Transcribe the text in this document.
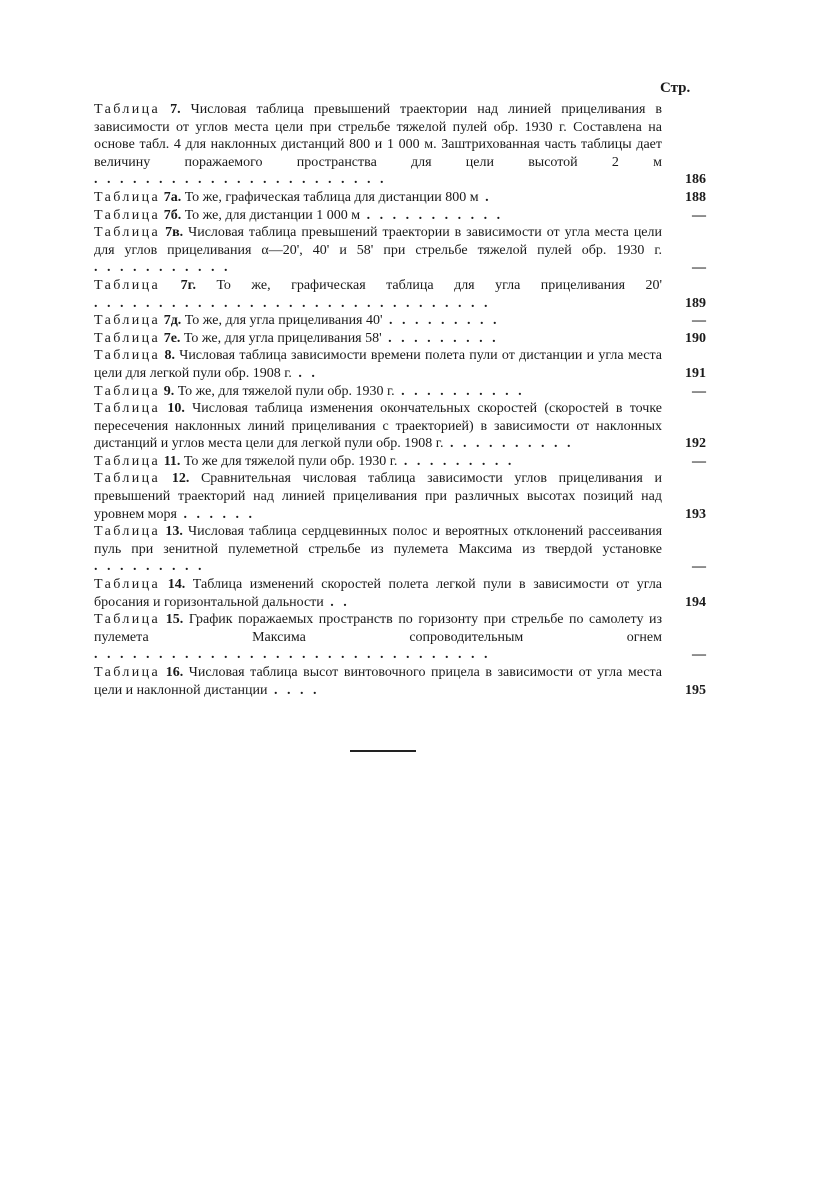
Стр.

Таблица 7. Числовая таблица превышений траектории над линией прицеливания в зависимости от углов места цели при стрельбе тяжелой пулей обр. 1930 г. Составлена на основе табл. 4 для наклонных дистанций 800 и 1 000 м. Заштрихованная часть таблицы дает величину поражаемого пространства для цели высотой 2 м . . . . . . . . . . . . . . . . . . . . . . .	186

Таблица 7а. То же, графическая таблица для дистанции 800 м .	188

Таблица 7б. То же, для дистанции 1 000 м . . . . . . . . . . .	—

Таблица 7в. Числовая таблица превышений траектории в зависимости от угла места цели для углов прицеливания α—20', 40' и 58' при стрельбе тяжелой пулей обр. 1930 г. . . . . . . . . . . .	—

Таблица 7г. То же, графическая таблица для угла прицеливания 20' . . . . . . . . . . . . . . . . . . . . . . . . . . . . . . .	189

Таблица 7д. То же, для угла прицеливания 40' . . . . . . . . .	—

Таблица 7е. То же, для угла прицеливания 58' . . . . . . . . .	190

Таблица 8. Числовая таблица зависимости времени полета пули от дистанции и угла места цели для легкой пули обр. 1908 г. . .	191

Таблица 9. То же, для тяжелой пули обр. 1930 г. . . . . . . . . . .	—

Таблица 10. Числовая таблица изменения окончательных скоростей (скоростей в точке пересечения наклонных линий прицеливания с траекторией) в зависимости от наклонных дистанций и углов места цели для легкой пули обр. 1908 г. . . . . . . . . . .	192

Таблица 11. То же для тяжелой пули обр. 1930 г. . . . . . . . . .	—

Таблица 12. Сравнительная числовая таблица зависимости углов прицеливания и превышений траекторий над линией прицеливания при различных высотах позиций над уровнем моря . . . . . .	193

Таблица 13. Числовая таблица сердцевинных полос и вероятных отклонений рассеивания пуль при зенитной пулеметной стрельбе из пулемета Максима из твердой установке . . . . . . . . .	—

Таблица 14. Таблица изменений скоростей полета легкой пули в зависимости от угла бросания и горизонтальной дальности . .	194

Таблица 15. График поражаемых пространств по горизонту при стрельбе по самолету из пулемета Максима сопроводительным огнем . . . . . . . . . . . . . . . . . . . . . . . . . . . . . . .	—

Таблица 16. Числовая таблица высот винтовочного прицела в зависимости от угла места цели и наклонной дистанции . . . .	195
